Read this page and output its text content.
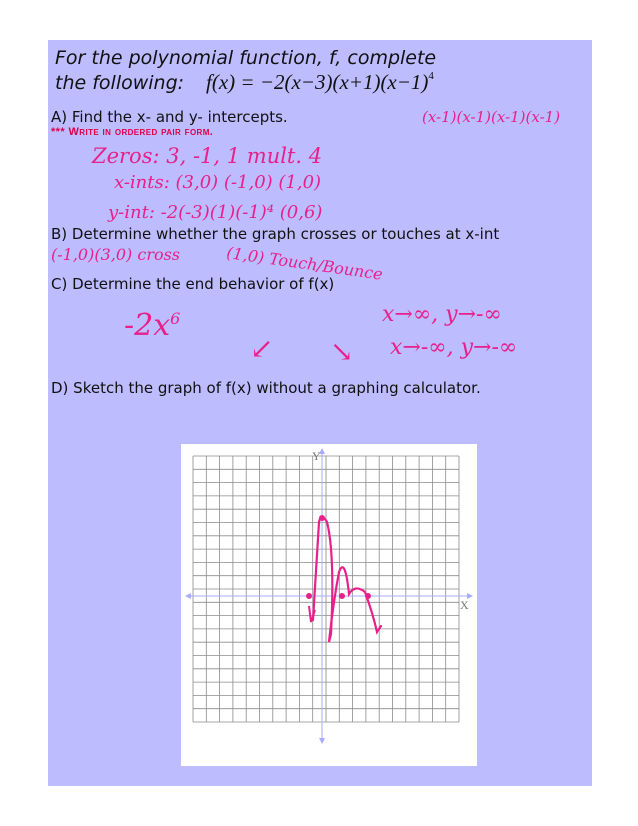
For the polynomial function, f, complete
the following: $f(x) = -2(x-3)(x+1)(x-1)^4$
A) Find the x- and y- intercepts.
*** Write in ordered pair form.
(x-1)(x-1)(x-1)(x-1)
Zeros: 3, -1, 1 mult. 4
x-ints: (3,0) (-1,0) (1,0)
y-int: -2(-3)(1)(-1)⁴ (0,6)
B) Determine whether the graph crosses or touches at x-int
(-1,0)(3,0) cross	(1,0) Touch/Bounce
C) Determine the end behavior of f(x)
$-2x^6$
↙ ↘
x→∞, y→-∞
x→-∞, y→-∞
D) Sketch the graph of f(x) without a graphing calculator.
X
Y
